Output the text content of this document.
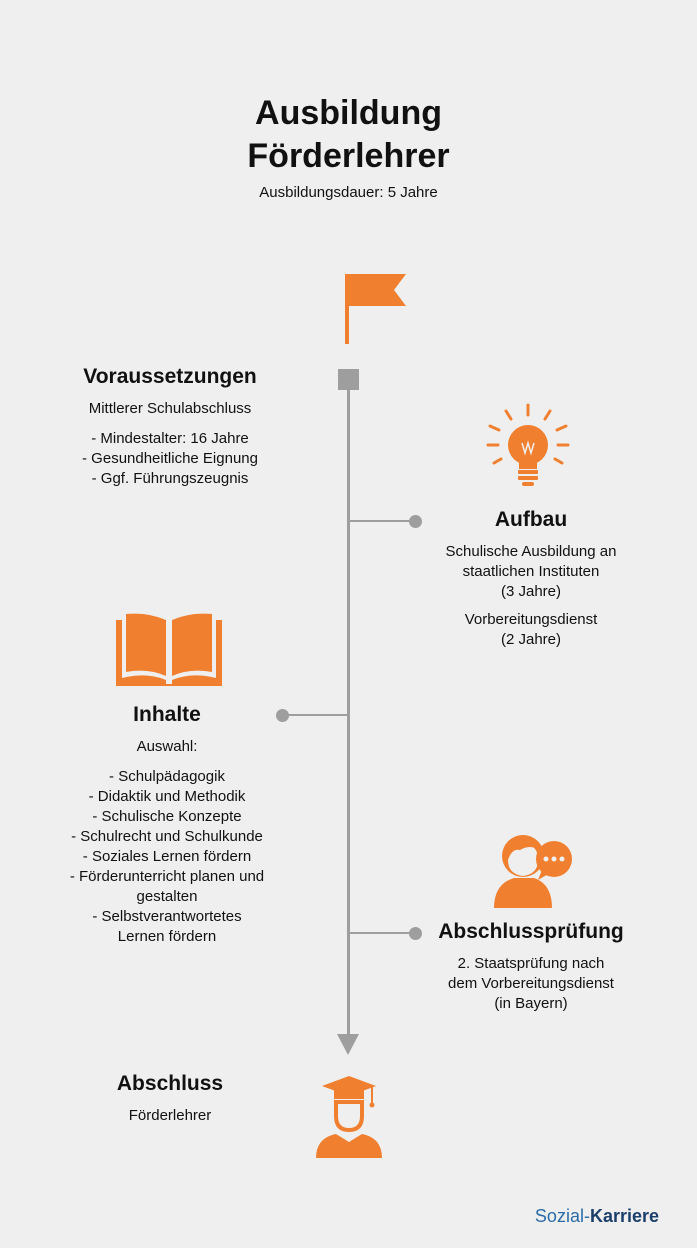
Ausbildung
Förderlehrer
Ausbildungsdauer: 5 Jahre
Voraussetzungen
Mittlerer Schulabschluss
- Mindestalter: 16 Jahre
- Gesundheitliche Eignung
- Ggf. Führungszeugnis
Aufbau
Schulische Ausbildung an
staatlichen Instituten
(3 Jahre)
Vorbereitungsdienst
(2 Jahre)
Inhalte
Auswahl:
- Schulpädagogik
- Didaktik und Methodik
- Schulische Konzepte
- Schulrecht und Schulkunde
- Soziales Lernen fördern
- Förderunterricht planen und
gestalten
- Selbstverantwortetes
Lernen fördern	Abschlussprüfung
2. Staatsprüfung nach
dem Vorbereitungsdienst
(in Bayern)
Abschluss
Förderlehrer
Sozial-Karriere
